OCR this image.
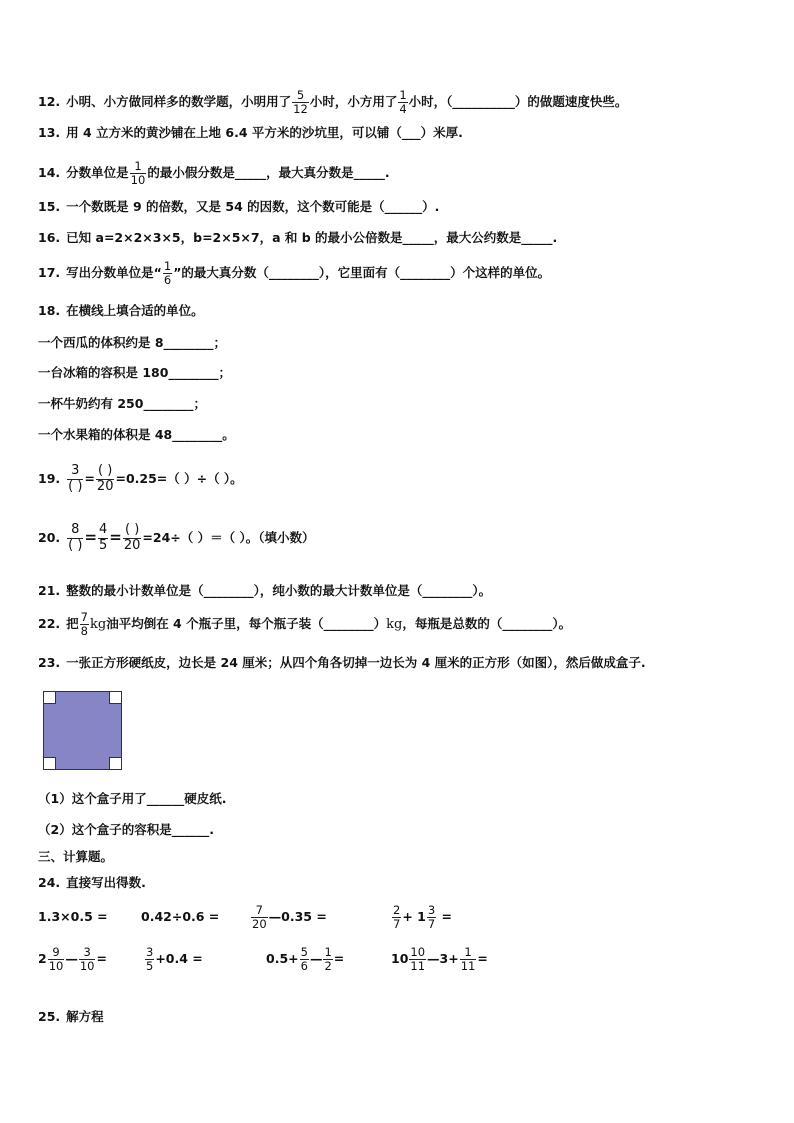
12. 小明、小方做同样多的数学题，小明用了 $\frac{5}{12}$ 小时，小方用了 $\frac{1}{4}$ 小时，（__________）的做题速度快些。
13. 用 4 立方米的黄沙铺在上地 6.4 平方米的沙坑里，可以铺（___）米厚.
14. 分数单位是 $\frac{1}{10}$ 的最小假分数是_____，最大真分数是_____.
15. 一个数既是 9 的倍数，又是 54 的因数，这个数可能是（______）.
16. 已知 a=2×2×3×5，b=2×5×7，a 和 b 的最小公倍数是_____，最大公约数是_____.
17. 写出分数单位是“ $\frac{1}{6}$ ”的最大真分数（________），它里面有（________）个这样的单位。
18. 在横线上填合适的单位。
一个西瓜的体积约是 8________；
一台冰箱的容积是 180________；
一杯牛奶约有 250________；
一个水果箱的体积是 48________。
19. $\frac{3}{( )} = \frac{( )}{20} =0.25=$（ ）÷（ ）。
20. $\frac{8}{( )} = \frac{4}{5} = \frac{( )}{20} =24\div$（ ）＝（ ）。（填小数）
21. 整数的最小计数单位是（________），纯小数的最大计数单位是（________）。
22. 把 $\frac{7}{8}$ kg油平均倒在 4 个瓶子里，每个瓶子装（________）kg，每瓶是总数的（________）。
23. 一张正方形硬纸皮，边长是 24 厘米；从四个角各切掉一边长为 4 厘米的正方形（如图），然后做成盒子.
（1）这个盒子用了______硬皮纸.
（2）这个盒子的容积是______.
三、计算题。
24. 直接写出得数.
1.3×0.5 =	0.42÷0.6 =	$\frac{7}{20}$ —0.35 =	$\frac{2}{7} + 1 \frac{3}{7}$ =
$2 \frac{9}{10}$ — $\frac{3}{10}$ =	$\frac{3}{5} +0.4$ =	$0.5+ \frac{5}{6}$ — $\frac{1}{2}$ =	$10 \frac{10}{11}$ —3+ $\frac{1}{11}$ =
25. 解方程
